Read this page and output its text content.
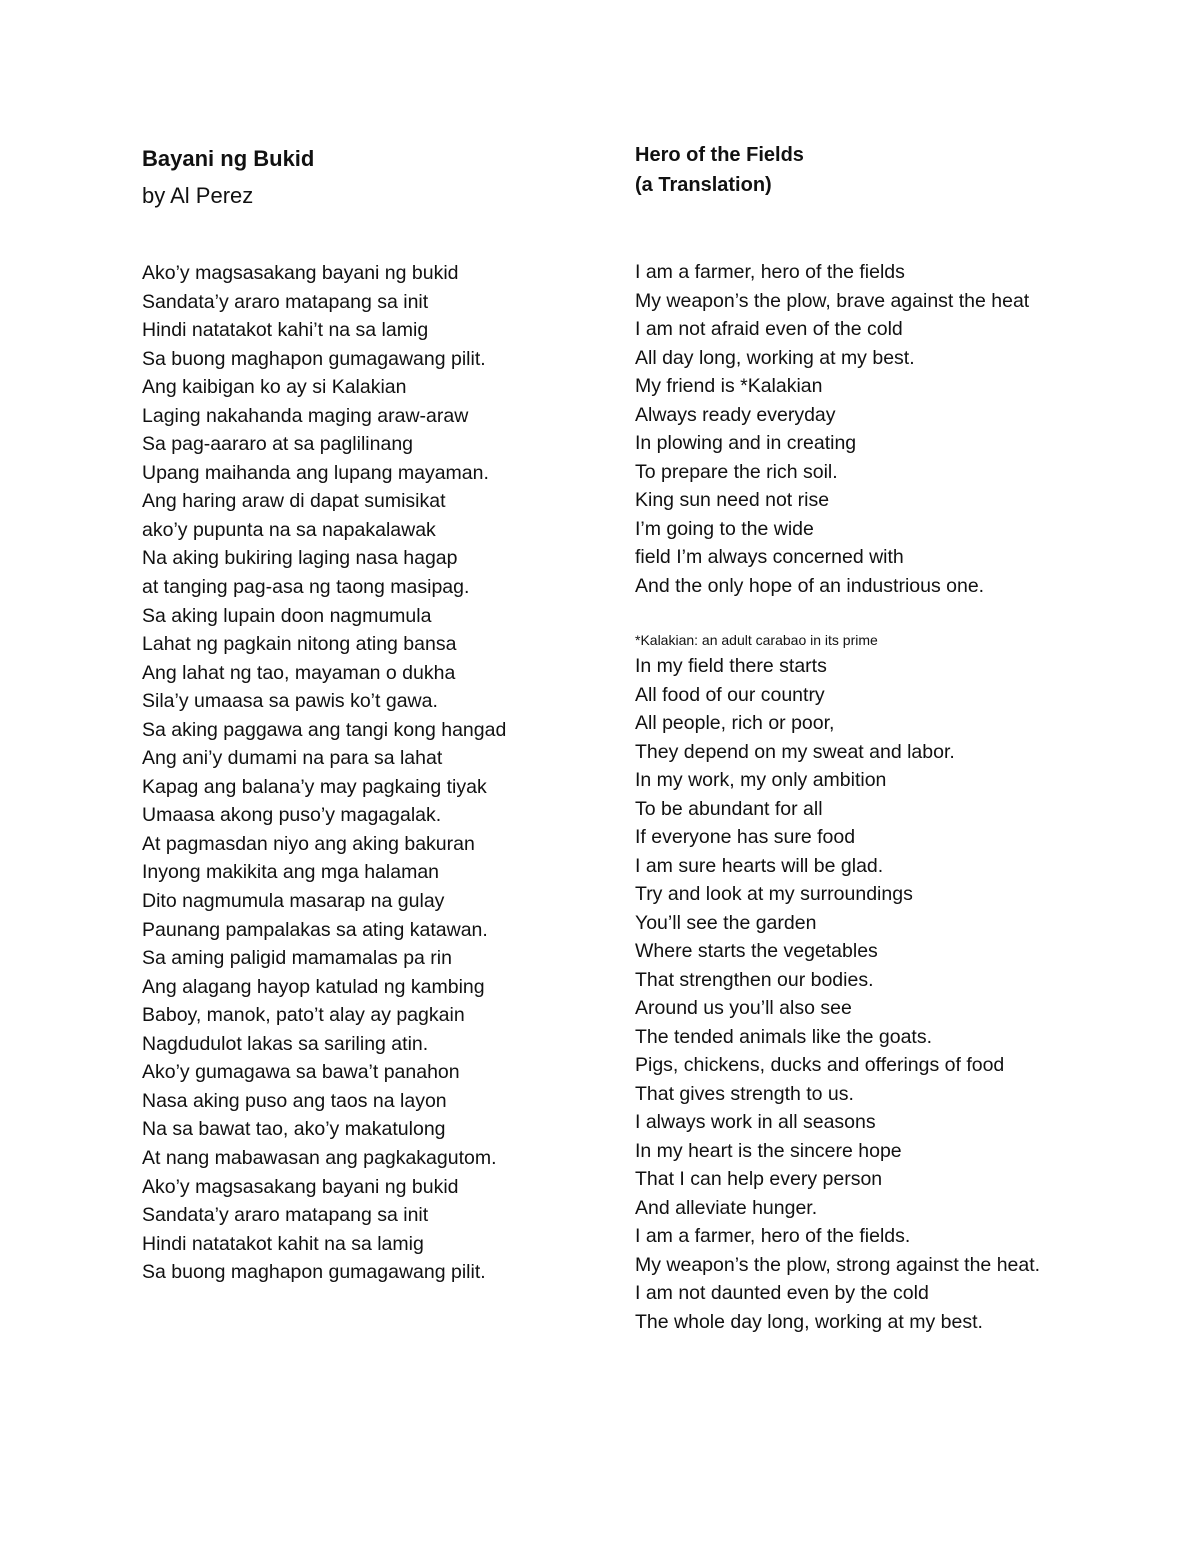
Bayani ng Bukid
by Al Perez
Ako’y magsasakang bayani ng bukid
Sandata’y araro matapang sa init
Hindi natatakot kahi’t na sa lamig
Sa buong maghapon gumagawang pilit.
Ang kaibigan ko ay si Kalakian
Laging nakahanda maging araw-araw
Sa pag-aararo at sa paglilinang
Upang maihanda ang lupang mayaman.
Ang haring araw di dapat sumisikat
ako’y pupunta na sa napakalawak
Na aking bukiring laging nasa hagap
at tanging pag-asa ng taong masipag.
Sa aking lupain doon nagmumula
Lahat ng pagkain nitong ating bansa
Ang lahat ng tao, mayaman o dukha
Sila’y umaasa sa pawis ko’t gawa.
Sa aking paggawa ang tangi kong hangad
Ang ani’y dumami na para sa lahat
Kapag ang balana’y may pagkaing tiyak
Umaasa akong puso’y magagalak.
At pagmasdan niyo ang aking bakuran
Inyong makikita ang mga halaman
Dito nagmumula masarap na gulay
Paunang pampalakas sa ating katawan.
Sa aming paligid mamamalas pa rin
Ang alagang hayop katulad ng kambing
Baboy, manok, pato’t alay ay pagkain
Nagdudulot lakas sa sariling atin.
Ako’y gumagawa sa bawa’t panahon
Nasa aking puso ang taos na layon
Na sa bawat tao, ako’y makatulong
At nang mabawasan ang pagkakagutom.
Ako’y magsasakang bayani ng bukid
Sandata’y araro matapang sa init
Hindi natatakot kahit na sa lamig
Sa buong maghapon gumagawang pilit.
Hero of the Fields
(a Translation)
I am a farmer, hero of the fields
My weapon’s the plow, brave against the heat
I am not afraid even of the cold
All day long, working at my best.
My friend is *Kalakian
Always ready everyday
In plowing and in creating
To prepare the rich soil.
King sun need not rise
I’m going to the wide
field I’m always concerned with
And the only hope of an industrious one.
*Kalakian: an adult carabao in its prime
In my field there starts
All food of our country
All people, rich or poor,
They depend on my sweat and labor.
In my work, my only ambition
To be abundant for all
If everyone has sure food
I am sure hearts will be glad.
Try and look at my surroundings
You’ll see the garden
Where starts the vegetables
That strengthen our bodies.
Around us you’ll also see
The tended animals like the goats.
Pigs, chickens, ducks and offerings of food
That gives strength to us.
I always work in all seasons
In my heart is the sincere hope
That I can help every person
And alleviate hunger.
I am a farmer, hero of the fields.
My weapon’s the plow, strong against the heat.
I am not daunted even by the cold
The whole day long, working at my best.
